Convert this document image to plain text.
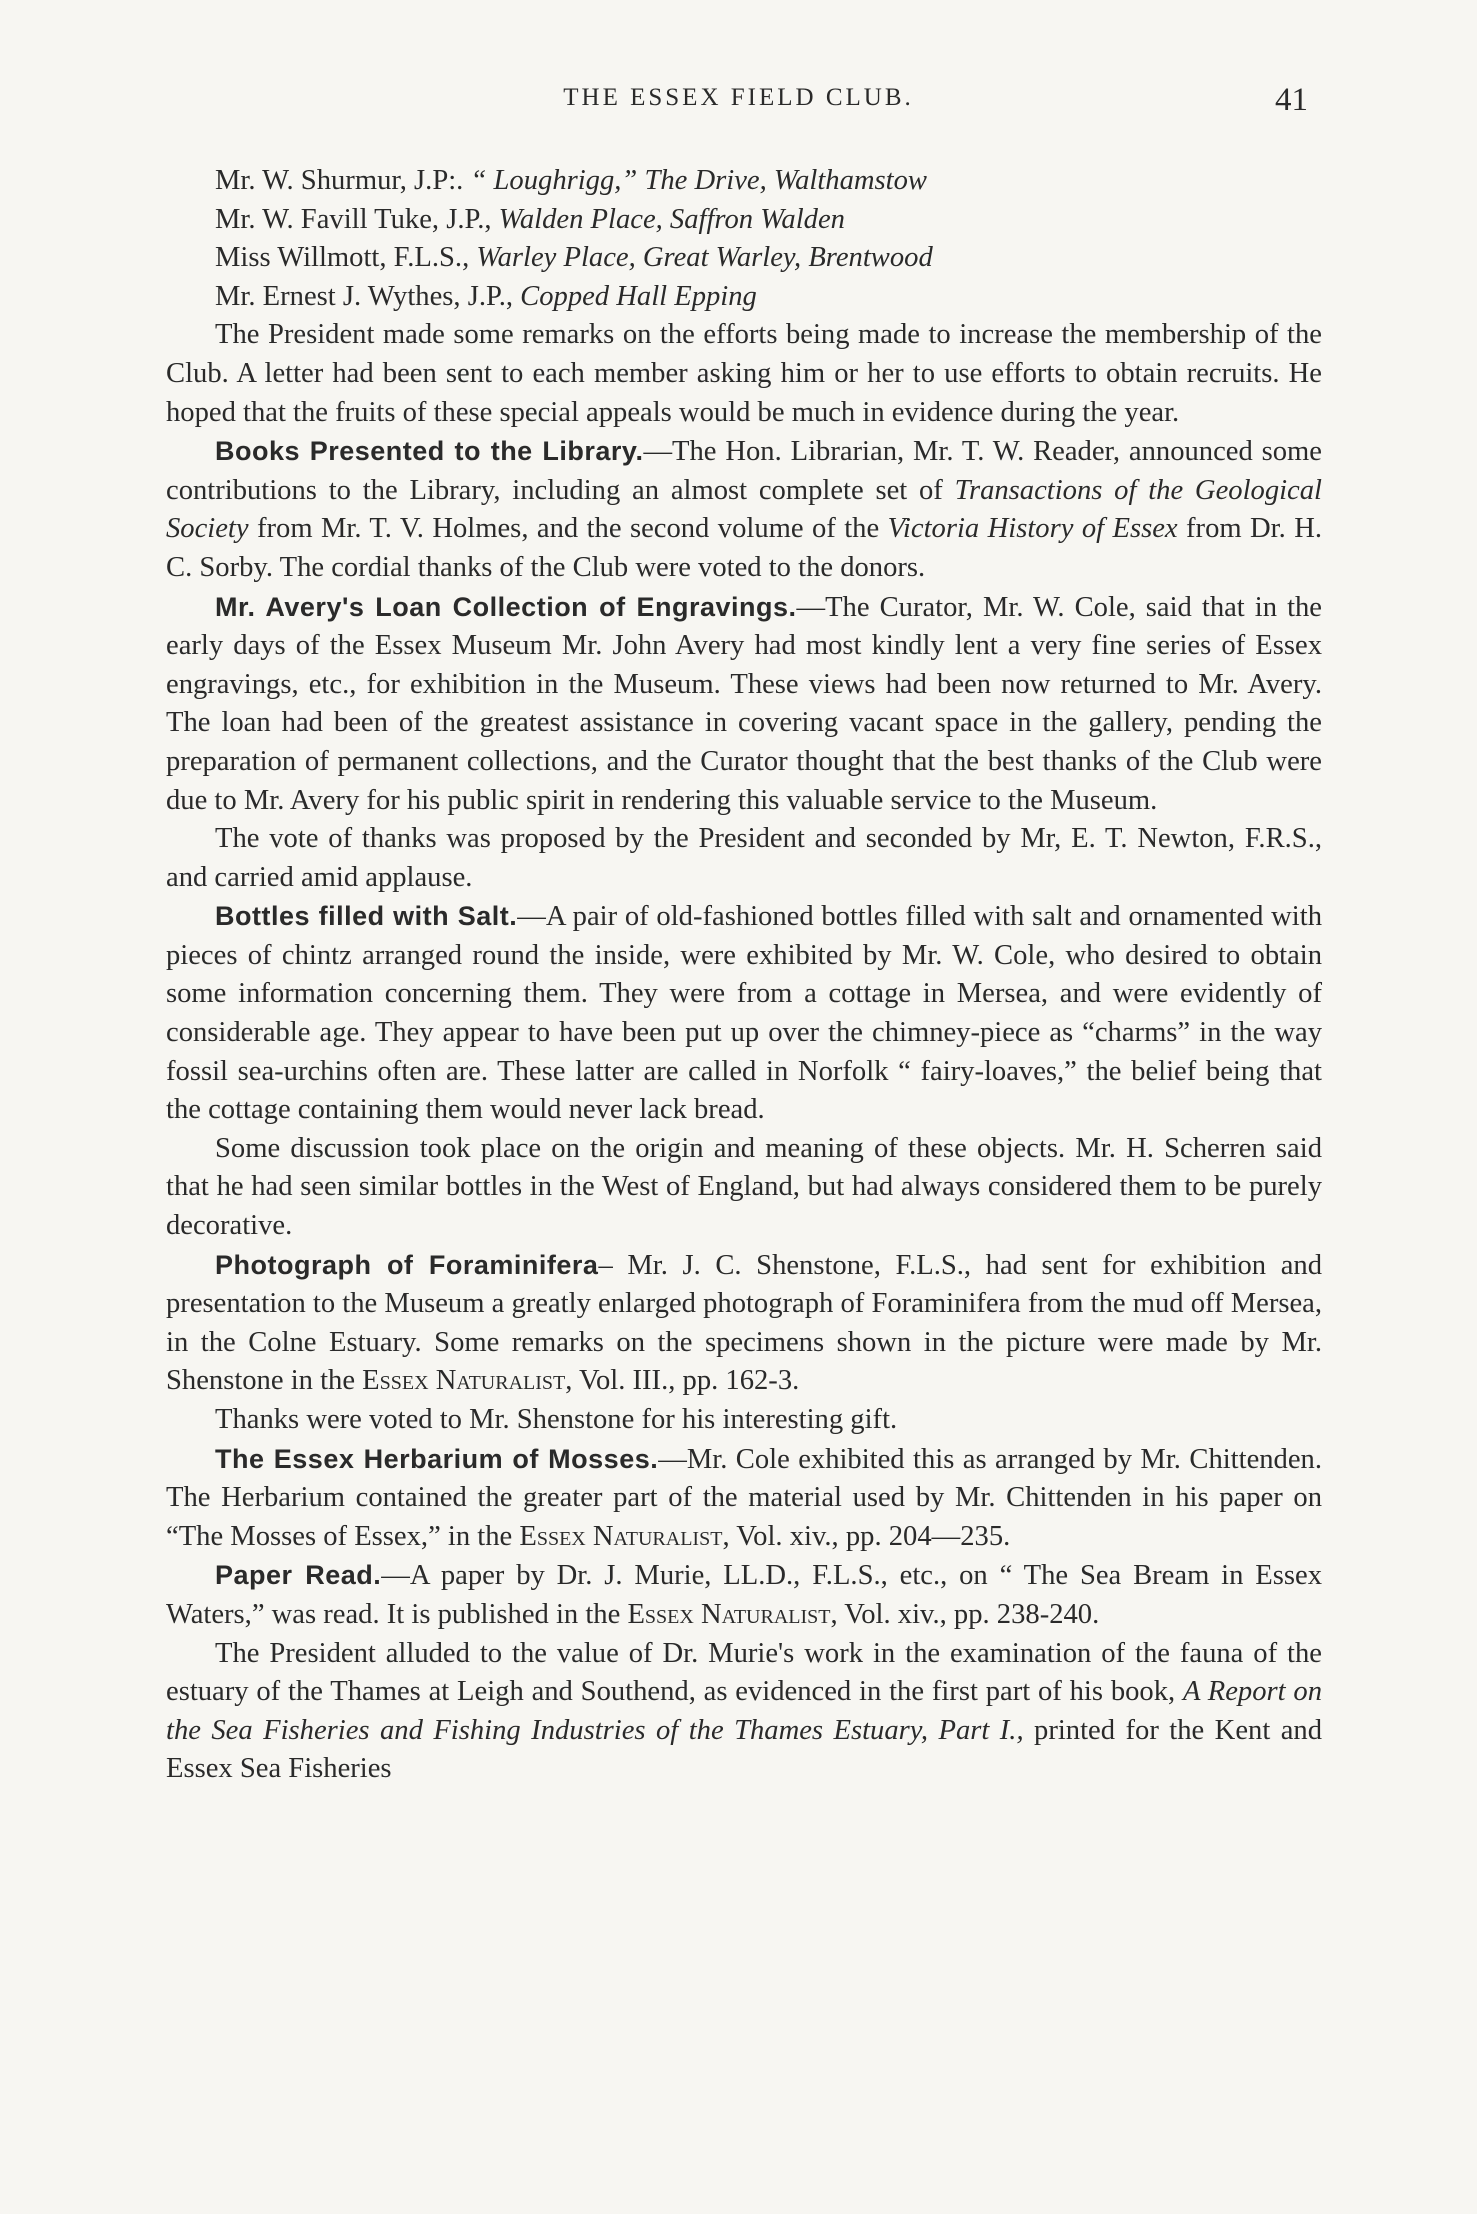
THE ESSEX FIELD CLUB.	41

Mr. W. Shurmur, J.P:. “ Loughrigg,” The Drive, Walthamstow

Mr. W. Favill Tuke, J.P., Walden Place, Saffron Walden

Miss Willmott, F.L.S., Warley Place, Great Warley, Brentwood

Mr. Ernest J. Wythes, J.P., Copped Hall Epping

The President made some remarks on the efforts being made to increase the membership of the Club. A letter had been sent to each member asking him or her to use efforts to obtain recruits. He hoped that the fruits of these special appeals would be much in evidence during the year.

Books Presented to the Library.—The Hon. Librarian, Mr. T. W. Reader, announced some contributions to the Library, including an almost complete set of Transactions of the Geological Society from Mr. T. V. Holmes, and the second volume of the Victoria History of Essex from Dr. H. C. Sorby. The cordial thanks of the Club were voted to the donors.

Mr. Avery's Loan Collection of Engravings.—The Curator, Mr. W. Cole, said that in the early days of the Essex Museum Mr. John Avery had most kindly lent a very fine series of Essex engravings, etc., for exhibition in the Museum. These views had been now returned to Mr. Avery. The loan had been of the greatest assistance in covering vacant space in the gallery, pending the preparation of permanent collections, and the Curator thought that the best thanks of the Club were due to Mr. Avery for his public spirit in rendering this valuable service to the Museum.

The vote of thanks was proposed by the President and seconded by Mr, E. T. Newton, F.R.S., and carried amid applause.

Bottles filled with Salt.—A pair of old-fashioned bottles filled with salt and ornamented with pieces of chintz arranged round the inside, were exhibited by Mr. W. Cole, who desired to obtain some information concerning them. They were from a cottage in Mersea, and were evidently of considerable age. They appear to have been put up over the chimney-piece as “charms” in the way fossil sea-urchins often are. These latter are called in Norfolk “ fairy-loaves,” the belief being that the cottage containing them would never lack bread.

Some discussion took place on the origin and meaning of these objects. Mr. H. Scherren said that he had seen similar bottles in the West of England, but had always considered them to be purely decorative.

Photograph of Foraminifera– Mr. J. C. Shenstone, F.L.S., had sent for exhibition and presentation to the Museum a greatly enlarged photograph of Foraminifera from the mud off Mersea, in the Colne Estuary. Some remarks on the specimens shown in the picture were made by Mr. Shenstone in the Essex Naturalist, Vol. III., pp. 162-3.

Thanks were voted to Mr. Shenstone for his interesting gift.

The Essex Herbarium of Mosses.—Mr. Cole exhibited this as arranged by Mr. Chittenden. The Herbarium contained the greater part of the material used by Mr. Chittenden in his paper on “The Mosses of Essex,” in the Essex Naturalist, Vol. xiv., pp. 204—235.

Paper Read.—A paper by Dr. J. Murie, LL.D., F.L.S., etc., on “ The Sea Bream in Essex Waters,” was read. It is published in the Essex Naturalist, Vol. xiv., pp. 238-240.

The President alluded to the value of Dr. Murie's work in the examination of the fauna of the estuary of the Thames at Leigh and Southend, as evidenced in the first part of his book, A Report on the Sea Fisheries and Fishing Industries of the Thames Estuary, Part I., printed for the Kent and Essex Sea Fisheries
